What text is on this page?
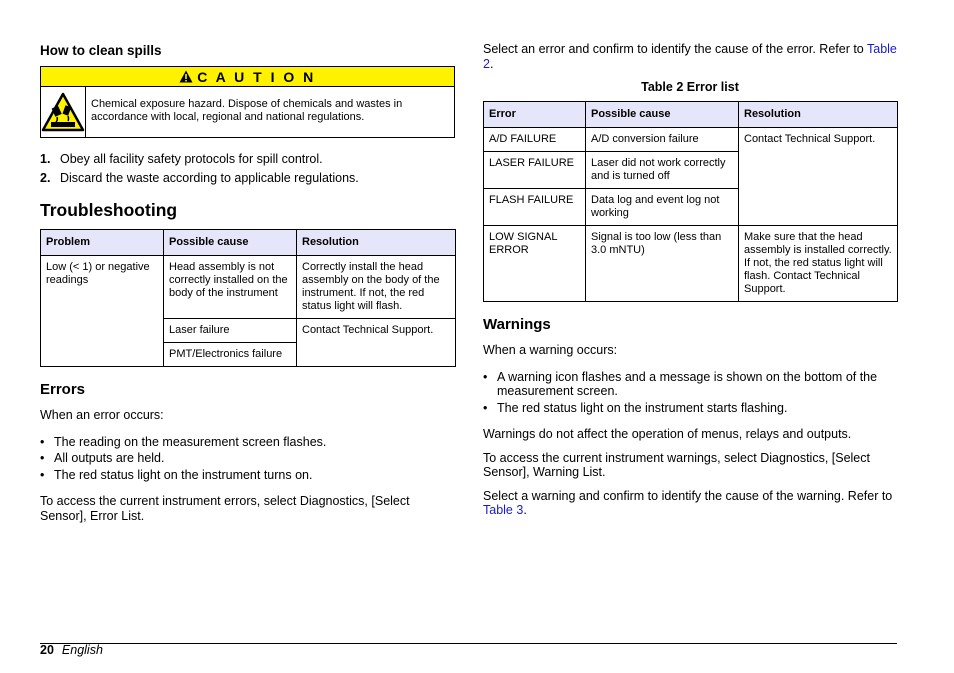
How to clean spills
C A U T I O N
Chemical exposure hazard. Dispose of chemicals and wastes in accordance with local, regional and national regulations.
1. Obey all facility safety protocols for spill control.
2. Discard the waste according to applicable regulations.
Troubleshooting
Problem	Possible cause	Resolution
Low (< 1) or negative readings	Head assembly is not correctly installed on the body of the instrument	Correctly install the head assembly on the body of the instrument. If not, the red status light will flash.
	Laser failure	Contact Technical Support.
	PMT/Electronics failure	
Errors

When an error occurs:

• The reading on the measurement screen flashes.
• All outputs are held.
• The red status light on the instrument turns on.

To access the current instrument errors, select Diagnostics, [Select Sensor], Error List.

Select an error and confirm to identify the cause of the error. Refer to Table 2.

Table 2 Error list
Error	Possible cause	Resolution
A/D FAILURE	A/D conversion failure	Contact Technical Support.
LASER FAILURE	Laser did not work correctly and is turned off	
FLASH FAILURE	Data log and event log not working	
LOW SIGNAL ERROR	Signal is too low (less than 3.0 mNTU)	Make sure that the head assembly is installed correctly. If not, the red status light will flash. Contact Technical Support.
Warnings

When a warning occurs:

• A warning icon flashes and a message is shown on the bottom of the measurement screen.
• The red status light on the instrument starts flashing.

Warnings do not affect the operation of menus, relays and outputs.

To access the current instrument warnings, select Diagnostics, [Select Sensor], Warning List.

Select a warning and confirm to identify the cause of the warning. Refer to Table 3.

20 English
